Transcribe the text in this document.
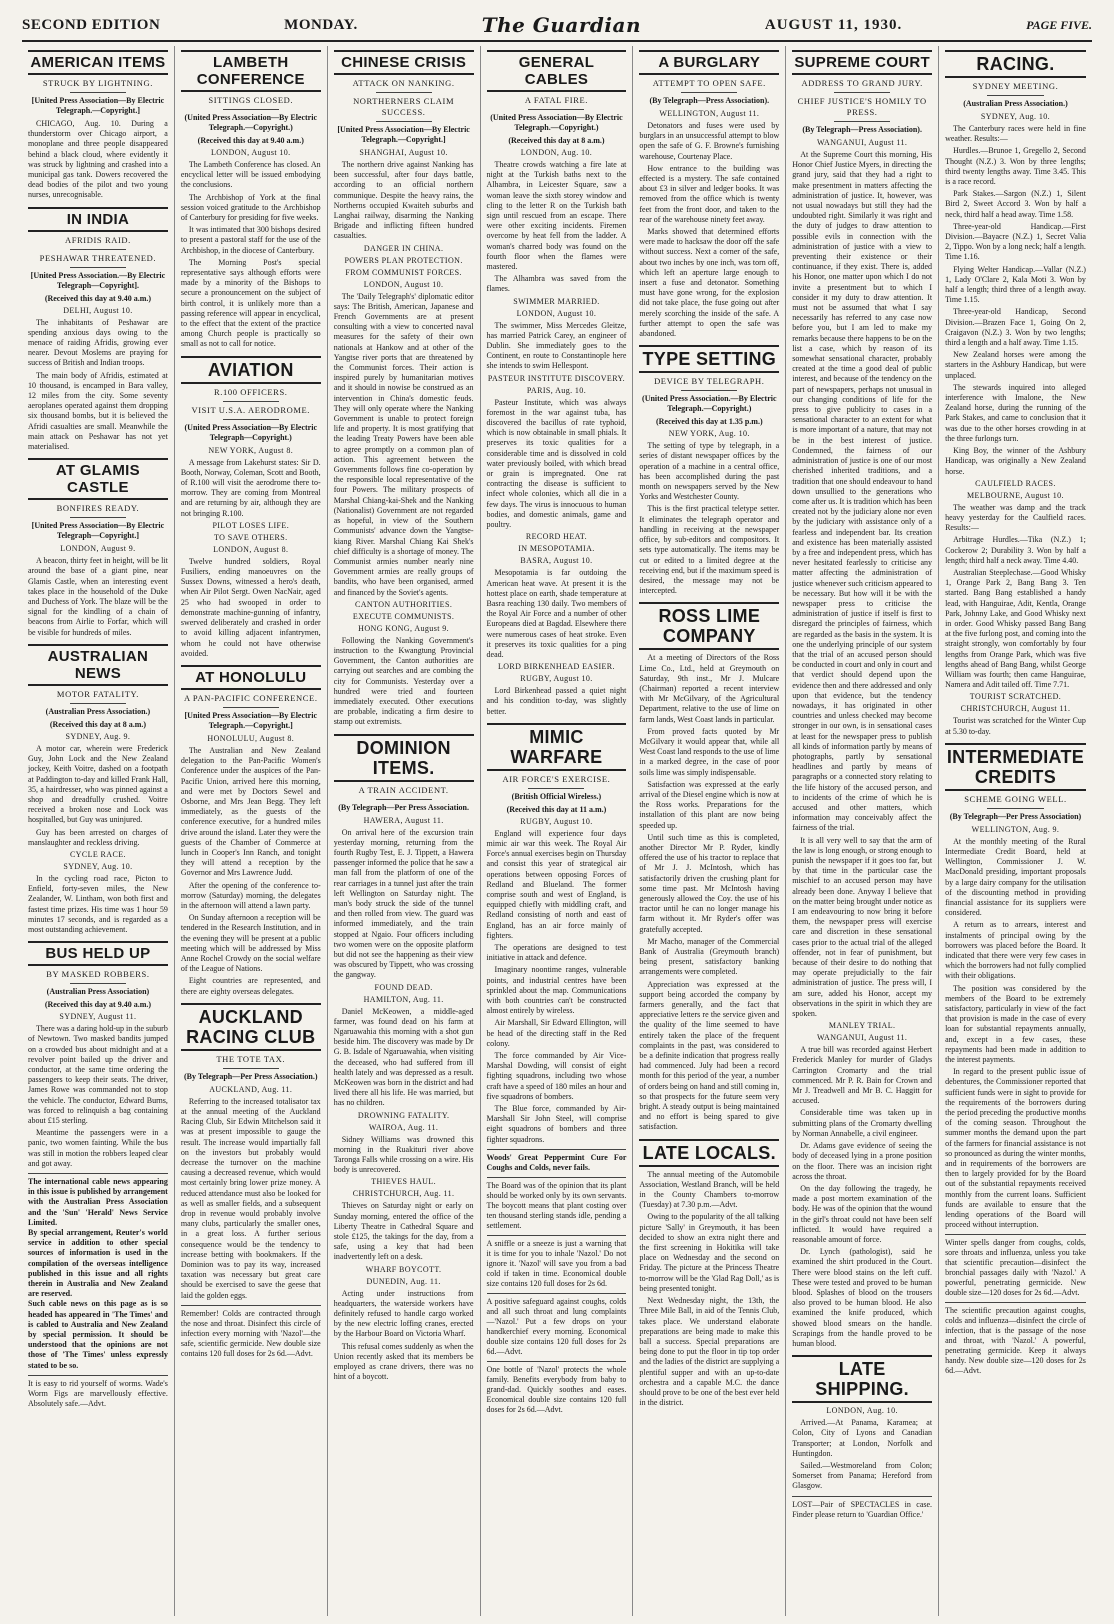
SECOND EDITION	MONDAY.	The Guardian	AUGUST 11, 1930.	PAGE FIVE.
AMERICAN ITEMS
STRUCK BY LIGHTNING.
[United Press Association—By Electric Telegraph.—Copyright.]
CHICAGO, Aug. 10. During a thunderstorm over Chicago airport, a monoplane and three people disappeared behind a black cloud, where evidently it was struck by lightning and crashed into a municipal gas tank. Dowers recovered the dead bodies of the pilot and two young nurses, unrecognisable.
IN INDIA
AFRIDIS RAID.
PESHAWAR THREATENED.
[United Press Association.—By Electric Telegraph—Copyright].
(Received this day at 9.40 a.m.)
DELHI, August 10.
The inhabitants of Peshawar are spending anxious days owing to the menace of raiding Afridis, growing ever nearer. Devout Moslems are praying for success of British and Indian troops.
The main body of Afridis, estimated at 10 thousand, is encamped in Bara valley, 12 miles from the city. Some seventy aeroplanes operated against them dropping six thousand bombs, but it is believed the Afridi casualties are small. Meanwhile the main attack on Peshawar has not yet materialised.
AT GLAMIS CASTLE
BONFIRES READY.
[United Press Association—By Electric Telegraph—Copyright.]
LONDON, August 9.
A beacon, thirty feet in height, will be lit around the base of a giant pine, near Glamis Castle, when an interesting event takes place in the household of the Duke and Duchess of York. The blaze will be the signal for the kindling of a chain of beacons from Airlie to Forfar, which will be visible for hundreds of miles.
AUSTRALIAN NEWS
MOTOR FATALITY.
(Australian Press Association.)
(Received this day at 8 a.m.)
SYDNEY, Aug. 9.
A motor car, wherein were Frederick Guy, John Lock and the New Zealand jockey, Keith Voitre, dashed on a footpath at Paddington to-day and killed Frank Hall, 35, a hairdresser, who was pinned against a shop and dreadfully crushed. Voitre received a broken nose and Lock was hospitalled, but Guy was uninjured.
Guy has been arrested on charges of manslaughter and reckless driving.
CYCLE RACE.
SYDNEY, Aug. 10.
In the cycling road race, Picton to Enfield, forty-seven miles, the New Zealander, W. Lintham, won both first and fastest time prizes. His time was 1 hour 59 minutes 17 seconds, and is regarded as a most outstanding achievement.
BUS HELD UP
BY MASKED ROBBERS.
(Australian Press Association)
(Received this day at 9.40 a.m.)
SYDNEY, August 11.
There was a daring hold-up in the suburb of Newtown. Two masked bandits jumped on a crowded bus about midnight and at a revolver point bailed up the driver and conductor, at the same time ordering the passengers to keep their seats. The driver, James Rowe was commanded not to stop the vehicle. The conductor, Edward Burns, was forced to relinquish a bag containing about £15 sterling.
Meantime the passengers were in a panic, two women fainting. While the bus was still in motion the robbers leaped clear and got away.
The international cable news appearing in this issue is published by arrangement with the Australian Press Association and the 'Sun' 'Herald' News Service Limited.
By special arrangement, Reuter's world service in addition to other special sources of information is used in the compilation of the overseas intelligence published in this issue and all rights therein in Australia and New Zealand are reserved.
Such cable news on this page as is so headed has appeared in 'The Times' and is cabled to Australia and New Zealand by special permission. It should be understood that the opinions are not those of 'The Times' unless expressly stated to be so.
It is easy to rid yourself of worms. Wade's Worm Figs are marvellously effective. Absolutely safe.—Advt.
LAMBETH CONFERENCE
SITTINGS CLOSED.
(United Press Association—By Electric Telegraph.—Copyright.)
(Received this day at 9.40 a.m.)
LONDON, August 10.
The Lambeth Conference has closed. An encyclical letter will be issued embodying the conclusions.
The Archbishop of York at the final session voiced gratitude to the Archbishop of Canterbury for presiding for five weeks.
It was intimated that 300 bishops desired to present a pastoral staff for the use of the Archbishop, in the diocese of Canterbury.
The Morning Post's special representative says although efforts were made by a minority of the Bishops to secure a pronouncement on the subject of birth control, it is unlikely more than a passing reference will appear in encyclical, to the effect that the extent of the practice among Church people is practically so small as not to call for notice.
AVIATION
R.100 OFFICERS.
VISIT U.S.A. AERODROME.
(United Press Association—By Electric Telegraph—Copyright.)
NEW YORK, August 8.
A message from Lakehurst states: Sir D. Booth, Norway, Coleman, Scott and Booth, of R.100 will visit the aerodrome there to-morrow. They are coming from Montreal and are returning by air, although they are not bringing R.100.
PILOT LOSES LIFE.
TO SAVE OTHERS.
LONDON, August 8.
Twelve hundred soldiers, Royal Fusiliers, ending manoeuvres on the Sussex Downs, witnessed a hero's death, when Air Pilot Sergt. Owen NacNair, aged 25 who had swooped in order to demonstrate machine-gunning of infantry, swerved deliberately and crashed in order to avoid killing adjacent infantrymen, whom he could not have otherwise avoided.
AT HONOLULU
A PAN-PACIFIC CONFERENCE.
[United Press Association—By Electric Telegraph.—Copyright.]
HONOLULU, August 8.
The Australian and New Zealand delegation to the Pan-Pacific Women's Conference under the auspices of the Pan-Pacific Union, arrived here this morning, and were met by Doctors Sewel and Osborne, and Mrs Jean Begg. They left immediately, as the guests of the conference executive, for a hundred miles drive around the island. Later they were the guests of the Chamber of Commerce at lunch in Cooper's Inn Ranch, and tonight they will attend a reception by the Governor and Mrs Lawrence Judd.
After the opening of the conference to-morrow (Saturday) morning, the delegates in the afternoon will attend a lawn party.
On Sunday afternoon a reception will be tendered in the Research Institution, and in the evening they will be present at a public meeting which will be addressed by Miss Anne Rochel Crowdy on the social welfare of the League of Nations.
Eight countries are represented, and there are eighty overseas delegates.
AUCKLAND RACING CLUB
THE TOTE TAX.
(By Telegraph—Per Press Association.)
AUCKLAND, Aug. 11.
Referring to the increased totalisator tax at the annual meeting of the Auckland Racing Club, Sir Edwin Mitchelson said it was at present impossible to gauge the result. The increase would impartially fall on the investors but probably would decrease the turnover on the machine causing a decreased revenue, which would most certainly bring lower prize money. A reduced attendance must also be looked for as well as smaller fields, and a subsequent drop in revenue would probably involve many clubs, particularly the smaller ones, in a great loss. A further serious consequence would be the tendency to increase betting with bookmakers. If the Dominion was to pay its way, increased taxation was necessary but great care should be exercised to save the geese that laid the golden eggs.
Remember! Colds are contracted through the nose and throat. Disinfect this circle of infection every morning with 'Nazol'—the safe, scientific germicide. New double size contains 120 full doses for 2s 6d.—Advt.
CHINESE CRISIS
ATTACK ON NANKING.
NORTHERNERS CLAIM SUCCESS.
[United Press Association—By Electric Telegraph.—Copyright.]
SHANGHAI, August 10.
The northern drive against Nanking has been successful, after four days battle, according to an official northern communique. Despite the heavy rains, the Northerns occupied Kwaiteh suburbs and Langhai railway, disarming the Nanking Brigade and inflicting fifteen hundred casualties.
DANGER IN CHINA.
POWERS PLAN PROTECTION.
FROM COMMUNIST FORCES.
LONDON, August 10.
The 'Daily Telegraph's' diplomatic editor says: The British, American, Japanese and French Governments are at present consulting with a view to concerted naval measures for the safety of their own nationals at Hankow and at other of the Yangtse river ports that are threatened by the Communist forces. Their action is inspired purely by humanitarian motives and it should in nowise be construed as an intervention in China's domestic feuds. They will only operate where the Nanking Government is unable to protect foreign life and property. It is most gratifying that the leading Treaty Powers have been able to agree promptly on a common plan of action. This agreement between the Governments follows fine co-operation by the responsible local representative of the four Powers. The military prospects of Marshal Chiang-kai-Shek and the Nanking (Nationalist) Government are not regarded as hopeful, in view of the Southern Communists' advance down the Yangtse-kiang River. Marshal Chiang Kai Shek's chief difficulty is a shortage of money. The Communist armies number nearly nine Government armies are really groups of bandits, who have been organised, armed and financed by the Soviet's agents.
CANTON AUTHORITIES.
EXECUTE COMMUNISTS.
HONG KONG, August 9.
Following the Nanking Government's instruction to the Kwangtung Provincial Government, the Canton authorities are carrying out searches and are combing the city for Communists. Yesterday over a hundred were tried and fourteen immediately executed. Other executions are probable, indicating a firm desire to stamp out extremists.
DOMINION ITEMS.
A TRAIN ACCIDENT.
(By Telegraph—Per Press Association.
HAWERA, August 11.
On arrival here of the excursion train yesterday morning, returning from the fourth Rugby Test, E. J. Tippett, a Hawera passenger informed the police that he saw a man fall from the platform of one of the rear carriages in a tunnel just after the train left Wellington on Saturday night. The man's body struck the side of the tunnel and then rolled from view. The guard was informed immediately, and the train stopped at Ngaio. Four officers including two women were on the opposite platform but did not see the happening as their view was obscured by Tippett, who was crossing the gangway.
FOUND DEAD.
HAMILTON, Aug. 11.
Daniel McKeowen, a middle-aged farmer, was found dead on his farm at Ngaruawahia this morning with a shot gun beside him. The discovery was made by Dr G. B. Isdale of Ngaruawahia, when visiting the deceased, who had suffered from ill health lately and was depressed as a result. McKeowen was born in the district and had lived there all his life. He was married, but has no children.
DROWNING FATALITY.
WAIROA, Aug. 11.
Sidney Williams was drowned this morning in the Ruakituri river above Taronga Falls while crossing on a wire. His body is unrecovered.
THIEVES HAUL.
CHRISTCHURCH, Aug. 11.
Thieves on Saturday night or early on Sunday morning, entered the office of the Liberty Theatre in Cathedral Square and stole £125, the takings for the day, from a safe, using a key that had been inadvertently left on a desk.
WHARF BOYCOTT.
DUNEDIN, Aug. 11.
Acting under instructions from headquarters, the waterside workers have definitely refused to handle cargo worked by the new electric loffing cranes, erected by the Harbour Board on Victoria Wharf.
This refusal comes suddenly as when the Union recently asked that its members be employed as crane drivers, there was no hint of a boycott.
GENERAL CABLES
A FATAL FIRE.
(United Press Association—By Electric Telegraph.—Copyright.)
(Received this day at 8 a.m.)
LONDON, Aug. 10.
Theatre crowds watching a fire late at night at the Turkish baths next to the Alhambra, in Leicester Square, saw a woman leave the sixth storey window and cling to the letter R on the Turkish bath sign until rescued from an escape. There were other exciting incidents. Firemen overcome by heat fell from the ladder. A woman's charred body was found on the fourth floor when the flames were mastered.
The Alhambra was saved from the flames.
SWIMMER MARRIED.
LONDON, August 10.
The swimmer, Miss Mercedes Gleitze, has married Patrick Carey, an engineer of Dublin. She immediately goes to the Continent, en route to Constantinople here she intends to swim Hellespont.
PASTEUR INSTITUTE DISCOVERY.
PARIS, Aug. 10.
Pasteur Institute, which was always foremost in the war against tuba, has discovered the bacillus of rate typhoid, which is now obtainable in small phials. It preserves its toxic qualities for a considerable time and is dissolved in cold water previously boiled, with which bread or grain is impregnated. One rat contracting the disease is sufficient to infect whole colonies, which all die in a few days. The virus is innocuous to human bodies, and domestic animals, game and poultry.
RECORD HEAT.
IN MESOPOTAMIA.
BASRA, August 10.
Mesopotamia is far outdoing the American heat wave. At present it is the hottest place on earth, shade temperature at Basra reaching 130 daily. Two members of the Royal Air Force and a number of other Europeans died at Bagdad. Elsewhere there were numerous cases of heat stroke. Even it preserves its toxic qualities for a ping dead.
LORD BIRKENHEAD EASIER.
RUGBY, August 10.
Lord Birkenhead passed a quiet night and his condition to-day, was slightly better.
MIMIC WARFARE
AIR FORCE'S EXERCISE.
(British Official Wireless.)
(Received this day at 11 a.m.)
RUGBY, August 10.
England will experience four days mimic air war this week. The Royal Air Force's annual exercises begin on Thursday and consist this year of strategical air operations between opposing Forces of Redland and Blueland. The former comprise south and west of England, is equipped chiefly with middling craft, and Redland consisting of north and east of England, has an air force mainly of fighters.
The operations are designed to test initiative in attack and defence.
Imaginary noontime ranges, vulnerable points, and industrial centres have been sprinkled about the map. Communications with both countries can't be constructed almost entirely by wireless.
Air Marshall, Sir Edward Ellington, will be head of the directing staff in the Red colony.
The force commanded by Air Vice-Marshal Dowding, will consist of eight fighting squadrons, including two whose craft have a speed of 180 miles an hour and five squadrons of bombers.
The Blue force, commanded by Air-Marshall Sir John Steel, will comprise eight squadrons of bombers and three fighter squadrons.
Woods' Great Peppermint Cure For Coughs and Colds, never fails.
The Board was of the opinion that its plant should be worked only by its own servants. The boycott means that plant costing over ten thousand sterling stands idle, pending a settlement.
A sniffle or a sneeze is just a warning that it is time for you to inhale 'Nazol.' Do not ignore it. 'Nazol' will save you from a bad cold if taken in time. Economical double size contains 120 full doses for 2s 6d.
A positive safeguard against coughs, colds and all such throat and lung complaints—'Nazol.' Put a few drops on your handkerchief every morning. Economical double size contains 120 full doses for 2s 6d.—Advt.
One bottle of 'Nazol' protects the whole family. Benefits everybody from baby to grand-dad. Quickly soothes and eases. Economical double size contains 120 full doses for 2s 6d.—Advt.
A BURGLARY
ATTEMPT TO OPEN SAFE.
(By Telegraph—Press Association).
WELLINGTON, August 11.
Detonators and fuses were used by burglars in an unsuccessful attempt to blow open the safe of G. F. Browne's furnishing warehouse, Courtenay Place.
How entrance to the building was effected is a mystery. The safe contained about £3 in silver and ledger books. It was removed from the office which is twenty feet from the front door, and taken to the rear of the warehouse ninety feet away.
Marks showed that determined efforts were made to hacksaw the door off the safe without success. Next a corner of the safe, about two inches by one inch, was torn off, which left an aperture large enough to insert a fuse and detonator. Something must have gone wrong, for the explosion did not take place, the fuse going out after merely scorching the inside of the safe. A further attempt to open the safe was abandoned.
TYPE SETTING
DEVICE BY TELEGRAPH.
(United Press Association.—By Electric Telegraph.—Copyright.)
(Received this day at 1.35 p.m.)
NEW YORK, Aug. 10.
The setting of type by telegraph, in a series of distant newspaper offices by the operation of a machine in a central office, has been accomplished during the past month on newspapers served by the New Yorks and Westchester County.
This is the first practical teletype setter. It eliminates the telegraph operator and handling in receiving at the newspaper office, by sub-editors and compositors. It sets type automatically. The items may be cut or edited to a limited degree at the receiving end, but if the maximum speed is desired, the message may not be intercepted.
ROSS LIME COMPANY
At a meeting of Directors of the Ross Lime Co., Ltd., held at Greymouth on Saturday, 9th inst., Mr J. Mulcare (Chairman) reported a recent interview with Mr McGilvary, of the Agricultural Department, relative to the use of lime on farm lands, West Coast lands in particular.
From proved facts quoted by Mr McGilvary it would appear that, while all West Coast land responds to the use of lime in a marked degree, in the case of poor soils lime was simply indispensable.
Satisfaction was expressed at the early arrival of the Diesel engine which is now at the Ross works. Preparations for the installation of this plant are now being speeded up.
Until such time as this is completed, another Director Mr P. Ryder, kindly offered the use of his tractor to replace that of Mr J. J. McIntosh, which has satisfactorily driven the crushing plant for some time past. Mr McIntosh having generously allowed the Coy. the use of his tractor until he can no longer manage his farm without it. Mr Ryder's offer was gratefully accepted.
Mr Macho, manager of the Commercial Bank of Australia (Greymouth branch) being present, satisfactory banking arrangements were completed.
Appreciation was expressed at the support being accorded the company by farmers generally, and the fact that appreciative letters re the service given and the quality of the lime seemed to have entirely taken the place of the frequent complaints in the past, was considered to be a definite indication that progress really had commenced. July had been a record month for this period of the year, a number of orders being on hand and still coming in, so that prospects for the future seem very bright. A steady output is being maintained and no effort is being spared to give satisfaction.
LATE LOCALS.
The annual meeting of the Automobile Association, Westland Branch, will be held in the County Chambers to-morrow (Tuesday) at 7.30 p.m.—Advt.
Owing to the popularity of the all talking picture 'Sally' in Greymouth, it has been decided to show an extra night there and the first screening in Hokitika will take place on Wednesday and the second on Friday. The picture at the Princess Theatre to-morrow will be the 'Glad Rag Doll,' as is being presented tonight.
Next Wednesday night, the 13th, the Three Mile Ball, in aid of the Tennis Club, takes place. We understand elaborate preparations are being made to make this ball a success. Special preparations are being done to put the floor in tip top order and the ladies of the district are supplying a plentiful supper and with an up-to-date orchestra and a capable M.C. the dance should prove to be one of the best ever held in the district.
SUPREME COURT
ADDRESS TO GRAND JURY.
CHIEF JUSTICE'S HOMILY TO PRESS.
(By Telegraph—Press Association).
WANGANUI, August 11.
At the Supreme Court this morning, His Honor Chief Justice Myers, in directing the grand jury, said that they had a right to make presentment in matters affecting the administration of justice. It, however, was not usual nowadays but still they had the undoubted right. Similarly it was right and the duty of judges to draw attention to possible evils in connection with the administration of justice with a view to preventing their existence or their continuance, if they exist. There is, added his Honor, one matter upon which I do not invite a presentment but to which I consider it my duty to draw attention. It must not be assumed that what I say necessarily has referred to any case now before you, but I am led to make my remarks because there happens to be on the list a case, which by reason of its somewhat sensational character, probably created at the time a good deal of public interest, and because of the tendency on the part of newspapers, perhaps not unusual in our changing conditions of life for the press to give publicity to cases in a sensational character to an extent for what is more important of a nature, that may not be in the best interest of justice. Condemned, the fairness of our administration of justice is one of our most cherished inherited traditions, and a tradition that one should endeavour to hand down unsullied to the generations who come after us. It is tradition which has been created not by the judiciary alone nor even by the judiciary with assistance only of a fearless and independent bar. Its creation and existence has been materially assisted by a free and independent press, which has never hesitated fearlessly to criticise any matter affecting the administration of justice whenever such criticism appeared to be necessary. But how will it be with the newspaper press to criticise the administration of justice if itself is first to disregard the principles of fairness, which are regarded as the basis in the system. It is one the underlying principle of our system that the trial of an accused person should be conducted in court and only in court and that verdict should depend upon the evidence then and there addressed and only upon that evidence, but the tendency nowadays, it has originated in other countries and unless checked may become stronger in our own, is in sensational cases at least for the newspaper press to publish all kinds of information partly by means of photographs, partly by sensational headlines and partly by means of paragraphs or a connected story relating to the life history of the accused person, and to incidents of the crime of which he is accused and other matters, which information may conceivably affect the fairness of the trial.
It is all very well to say that the arm of the law is long enough, or strong enough to punish the newspaper if it goes too far, but by that time in the particular case the mischief to an accused person may have already been done. Anyway I believe that on the matter being brought under notice as I am endeavouring to now bring it before them, the newspaper press will exercise care and discretion in these sensational cases prior to the actual trial of the alleged offender, not in fear of punishment, but because of their desire to do nothing that may operate prejudicially to the fair administration of justice. The press will, I am sure, added his Honor, accept my observations in the spirit in which they are spoken.
MANLEY TRIAL.
WANGANUI, August 11.
A true bill was recorded against Herbert Frederick Manley for murder of Gladys Carrington Cromarty and the trial commenced. Mr P. R. Bain for Crown and Mr J. Treadwell and Mr B. C. Haggitt for accused.
Considerable time was taken up in submitting plans of the Cromarty dwelling by Norman Annabelle, a civil engineer.
Dr. Adams gave evidence of seeing the body of deceased lying in a prone position on the floor. There was an incision right across the throat.
On the day following the tragedy, he made a post mortem examination of the body. He was of the opinion that the wound in the girl's throat could not have been self inflicted. It would have required a reasonable amount of force.
Dr. Lynch (pathologist), said he examined the shirt produced in the Court. There were blood stains on the left cuff. These were tested and proved to be human blood. Splashes of blood on the trousers also proved to be human blood. He also examined the knife produced, which showed blood smears on the handle. Scrapings from the handle proved to be human blood.
LATE SHIPPING.
LONDON, Aug. 10.
Arrived.—At Panama, Karamea; at Colon, City of Lyons and Canadian Transporter; at London, Norfolk and Huntingdon.
Sailed.—Westmoreland from Colon; Somerset from Panama; Hereford from Glasgow.
LOST—Pair of SPECTACLES in case. Finder please return to 'Guardian Office.'
RACING.
SYDNEY MEETING.
(Australian Press Association.)
SYDNEY, Aug. 10.
The Canterbury races were held in fine weather. Results:—
Hurdles.—Brunoe 1, Gregello 2, Second Thought (N.Z.) 3. Won by three lengths; third twenty lengths away. Time 3.45. This is a race record.
Park Stakes.—Sargon (N.Z.) 1, Silent Bird 2, Sweet Accord 3. Won by half a neck, third half a head away. Time 1.58.
Three-year-old Handicap.—First Division.—Bayacre (N.Z.) 1, Secret Valia 2, Tippo. Won by a long neck; half a length. Time 1.16.
Flying Welter Handicap.—Vallar (N.Z.) 1, Lady O'Clare 2, Kala Moti 3. Won by half a length; third three of a length away. Time 1.15.
Three-year-old Handicap, Second Division.—Brazen Face 1, Going On 2, Craigavon (N.Z.) 3. Won by two lengths; third a length and a half away. Time 1.15.
New Zealand horses were among the starters in the Ashbury Handicap, but were unplaced.
The stewards inquired into alleged interference with Imalone, the New Zealand horse, during the running of the Park Stakes, and came to conclusion that it was due to the other horses crowding in at the three furlongs turn.
King Boy, the winner of the Ashbury Handicap, was originally a New Zealand horse.
CAULFIELD RACES.
MELBOURNE, August 10.
The weather was damp and the track heavy yesterday for the Caulfield races. Results:—
Arbitrage Hurdles.—Tika (N.Z.) 1; Cockerow 2; Durability 3. Won by half a length; third half a neck away. Time 4.40.
Australian Steeplechase.—Good Whisky 1, Orange Park 2, Bang Bang 3. Ten started. Bang Bang established a handy lead, with Hanguirae, Adit, Kentla, Orange Park, Johnny Lake, and Good Whisky next in order. Good Whisky passed Bang Bang at the five furlong post, and coming into the straight strongly, won comfortably by four lengths from Orange Park, which was five lengths ahead of Bang Bang, whilst George William was fourth; then came Hanguirae, Namera and Adit tailed off. Time 7.71.
TOURIST SCRATCHED.
CHRISTCHURCH, August 11.
Tourist was scratched for the Winter Cup at 5.30 to-day.
INTERMEDIATE CREDITS
SCHEME GOING WELL.
(By Telegraph—Per Press Association)
WELLINGTON, Aug. 9.
At the monthly meeting of the Rural Intermediate Credit Board, held at Wellington, Commissioner J. W. MacDonald presiding, important proposals by a large dairy company for the utilisation of the discounting method in providing financial assistance for its suppliers were considered.
A return as to arrears, interest and instalments of principal owing by the borrowers was placed before the Board. It indicated that there were very few cases in which the borrowers had not fully complied with their obligations.
The position was considered by the members of the Board to be extremely satisfactory, particularly in view of the fact that provision is made in the case of every loan for substantial repayments annually, and, except in a few cases, these repayments had been made in addition to the interest payments.
In regard to the present public issue of debentures, the Commissioner reported that sufficient funds were in sight to provide for the requirements of the borrowers during the period preceding the productive months of the coming season. Throughout the summer months the demand upon the part of the farmers for financial assistance is not so pronounced as during the winter months, and in requirements of the borrowers are then to largely provided for by the Board out of the substantial repayments received monthly from the current loans. Sufficient funds are available to ensure that the lending operations of the Board will proceed without interruption.
Winter spells danger from coughs, colds, sore throats and influenza, unless you take that scientific precaution—disinfect the bronchial passages daily with 'Nazol.' A powerful, penetrating germicide. New double size—120 doses for 2s 6d.—Advt.
The scientific precaution against coughs, colds and influenza—disinfect the circle of infection, that is the passage of the nose and throat, with 'Nazol.' A powerful, penetrating germicide. Keep it always handy. New double size—120 doses for 2s 6d.—Advt.
